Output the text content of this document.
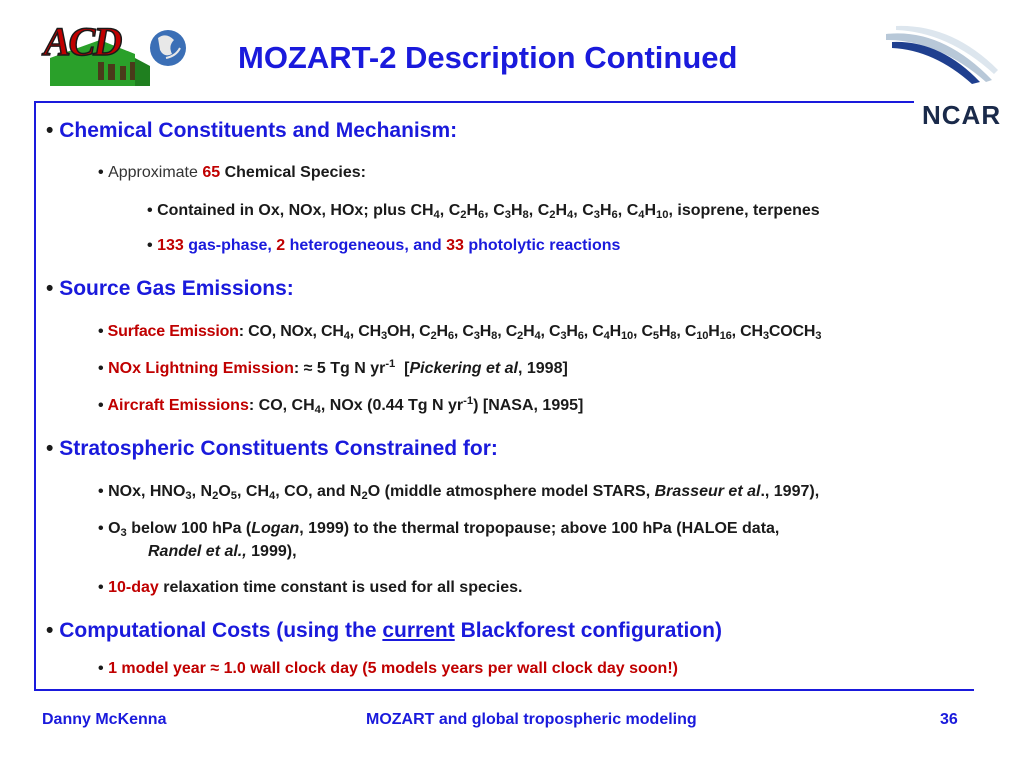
ACD	MOZART-2 Description Continued
NCAR
• Chemical Constituents and Mechanism:
• Approximate 65 Chemical Species:
• Contained in Ox, NOx, HOx; plus $CH_4$, $C_2H_6$, $C_3H_8$, $C_2H_4$, $C_3H_6$, $C_4H_{10}$, isoprene, terpenes
• 133 gas-phase, 2 heterogeneous, and 33 photolytic reactions
• Source Gas Emissions:
• Surface Emission: CO, NOx, $CH_4$, $CH_3OH$, $C_2H_6$, $C_3H_8$, $C_2H_4$, $C_3H_6$, $C_4H_{10}$, $C_5H_8$, $C_{10}H_{16}$, $CH_3COCH_3$
• NOx Lightning Emission: ≈ 5 Tg N $yr^{-1}$ [Pickering et al, 1998]
• Aircraft Emissions: CO, $CH_4$, NOx (0.44 Tg N $yr^{-1}$) [NASA, 1995]
• Stratospheric Constituents Constrained for:
• NOx, $HNO_3$, $N_2O_5$, $CH_4$, CO, and $N_2O$ (middle atmosphere model STARS, Brasseur et al., 1997),
• $O_3$ below 100 hPa (Logan, 1999) to the thermal tropopause; above 100 hPa (HALOE data,
Randel et al., 1999),
• 10-day relaxation time constant is used for all species.
• Computational Costs (using the current Blackforest configuration)
• 1 model year ≈ 1.0 wall clock day (5 models years per wall clock day soon!)
Danny McKenna	MOZART and global tropospheric modeling	36
